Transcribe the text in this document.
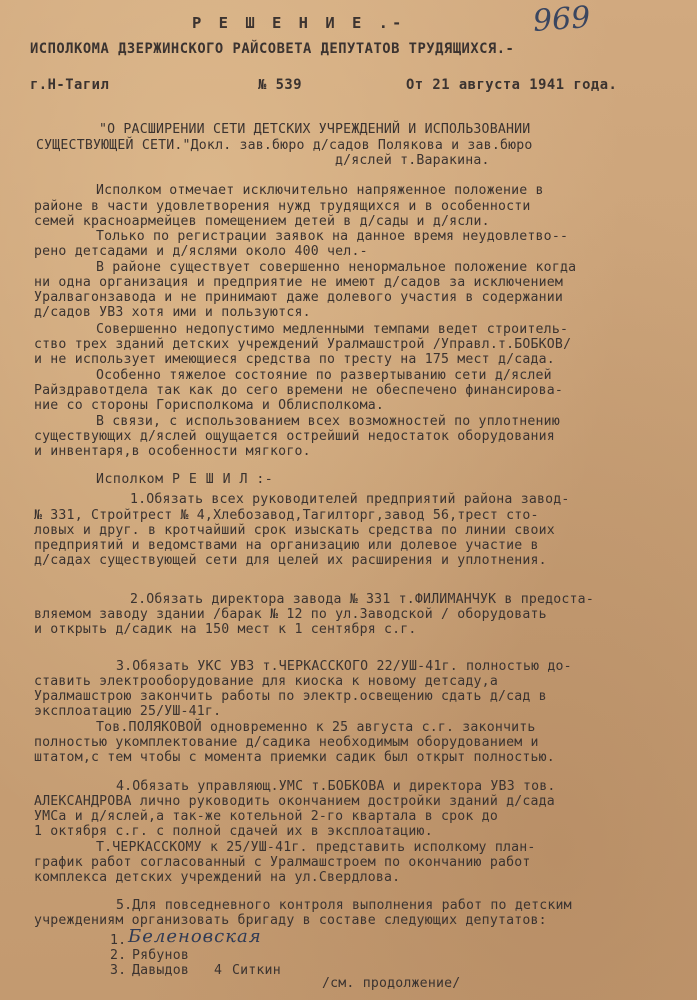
969
Р Е Ш Е Н И Е .-
ИСПОЛКОМА ДЗЕРЖИНСКОГО РАЙСОВЕТА ДЕПУТАТОВ ТРУДЯЩИХСЯ.-
г.Н-Тагил	№ 539	От 21 августа 1941 года.
"О РАСШИРЕНИИ СЕТИ ДЕТСКИХ УЧРЕЖДЕНИЙ И ИСПОЛЬЗОВАНИИ
СУЩЕСТВУЮЩЕЙ СЕТИ."Докл. зав.бюро д/садов Полякова и зав.бюро
д/яслей т.Варакина.
Исполком отмечает исключительно напряженное положение в
районе в части удовлетворения нужд трудящихся и в особенности
семей красноармейцев помещением детей в д/сады и д/ясли.
Только по регистрации заявок на данное время неудовлетво--
рено детсадами и д/яслями около 400 чел.-
В районе существует совершенно ненормальное положение когда
ни одна организация и предприятие не имеют д/садов за исключением
Уралвагонзавода и не принимают даже долевого участия в содержании
д/садов УВЗ хотя ими и пользуются.
Совершенно недопустимо медленными темпами ведет строитель-
ство трех зданий детских учреждений Уралмашстрой /Управл.т.БОБКОВ/
и не использует имеющиеся средства по тресту на 175 мест д/сада.
Особенно тяжелое состояние по развертыванию сети д/яслей
Райздравотдела так как до сего времени не обеспечено финансирова-
ние со стороны Горисполкома и Облисполкома.
В связи, с использованием всех возможностей по уплотнению
существующих д/яслей ощущается острейший недостаток оборудования
и инвентаря,в особенности мягкого.
Исполком Р Е Ш И Л :-
1.Обязать всех руководителей предприятий района завод-
№ 331, Стройтрест № 4,Хлебозавод,Тагилторг,завод 56,трест сто-
ловых и друг. в кротчайший срок изыскать средства по линии своих
предприятий и ведомствами на организацию или долевое участие в
д/садах существующей сети для целей их расширения и уплотнения.
2.Обязать директора завода № 331 т.ФИЛИМАНЧУК в предоста-
вляемом заводу здании /барак № 12 по ул.Заводской / оборудовать
и открыть д/садик на 150 мест к 1 сентября с.г.
3.Обязать УКС УВЗ т.ЧЕРКАССКОГО 22/УШ-41г. полностью до-
ставить электрооборудование для киоска к новому детсаду,а
Уралмашстрою закончить работы по электр.освещению сдать д/сад в
эксплоатацию 25/УШ-41г.
Тов.ПОЛЯКОВОЙ одновременно к 25 августа с.г. закончить
полностью укомплектование д/садика необходимым оборудованием и
штатом,с тем чтобы с момента приемки садик был открыт полностью.
4.Обязать управляющ.УМС т.БОБКОВА и директора УВЗ тов.
АЛЕКСАНДРОВА лично руководить окончанием достройки зданий д/сада
УМСа и д/яслей,а так-же котельной 2-го квартала в срок до
1 октября с.г. с полной сдачей их в эксплоатацию.
Т.ЧЕРКАССКОМУ к 25/УШ-41г. представить исполкому план-
график работ согласованный с Уралмашстроем по окончанию работ
комплекса детских учреждений на ул.Свердлова.
5.Для повседневного контроля выполнения работ по детским
учреждениям организовать бригаду в составе следующих депутатов:
1. Беленовская
2. Рябунов
3. Давыдов 4 Ситкин
/см. продолжение/
